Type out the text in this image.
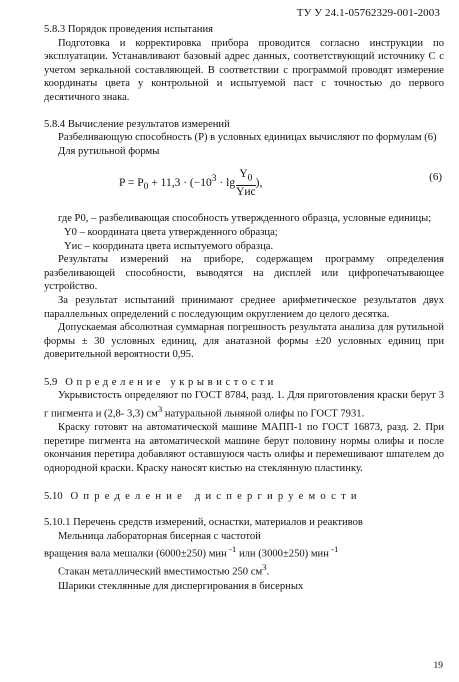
ТУ У 24.1-05762329-001-2003

5.8.3 Порядок проведения испытания

Подготовка и корректировка прибора проводится согласно инструкции по эксплуатации. Устанавливают базовый адрес данных, соответствующий источнику C с учетом зеркальной составляющей. В соответствии с программой проводят измерение координаты цвета у контрольной и испытуемой паст с точностью до первого десятичного знака.

5.8.4 Вычисление результатов измерений

Разбеливающую способность (P) в условных единицах вычисляют по формулам (6)

Для рутильной формы

$P = P_0 + 11,3 \cdot (-10^3 \cdot \lg \frac{Y_0}{\text{Yис}}$ ),	(6)

где P0, – разбеливающая способность утвержденного образца, условные единицы;

Y0 – координата цвета утвержденного образца;

Yис – координата цвета испытуемого образца.

Результаты измерений на приборе, содержащем программу определения разбеливающей способности, выводятся на дисплей или цифропечатывающее устройство.

За результат испытаний принимают среднее арифметическое результатов двух параллельных определений с последующим округлением до целого десятка.

Допускаемая абсолютная суммарная погрешность результата анализа для рутильной формы ± 30 условных единиц, для анатазной формы ±20 условных единиц при доверительной вероятности 0,95.

5.9 Определение укрывистости

Укрывистость определяют по ГОСТ 8784, разд. 1. Для приготовления краски берут 3 г пигмента и (2,8- 3,3) $см^3$ натуральной льняной олифы по ГОСТ 7931.

Краску готовят на автоматической машине МАПП-1 по ГОСТ 16873, разд. 2. При перетире пигмента на автоматической машине берут половину нормы олифы и после окончания перетира добавляют оставшуюся часть олифы и перемешивают шпателем до однородной краски. Краску наносят кистью на стеклянную пластинку.

5.10 Определение диспергируемости

5.10.1 Перечень средств измерений, оснастки, материалов и реактивов

Мельница лабораторная бисерная с частотой

вращения вала мешалки (6000±250) мин $^{-1}$ или (3000±250) мин $^{-1}$

Стакан металлический вместимостью 250 $см^3$.

Шарики стеклянные для диспергирования в бисерных

19
